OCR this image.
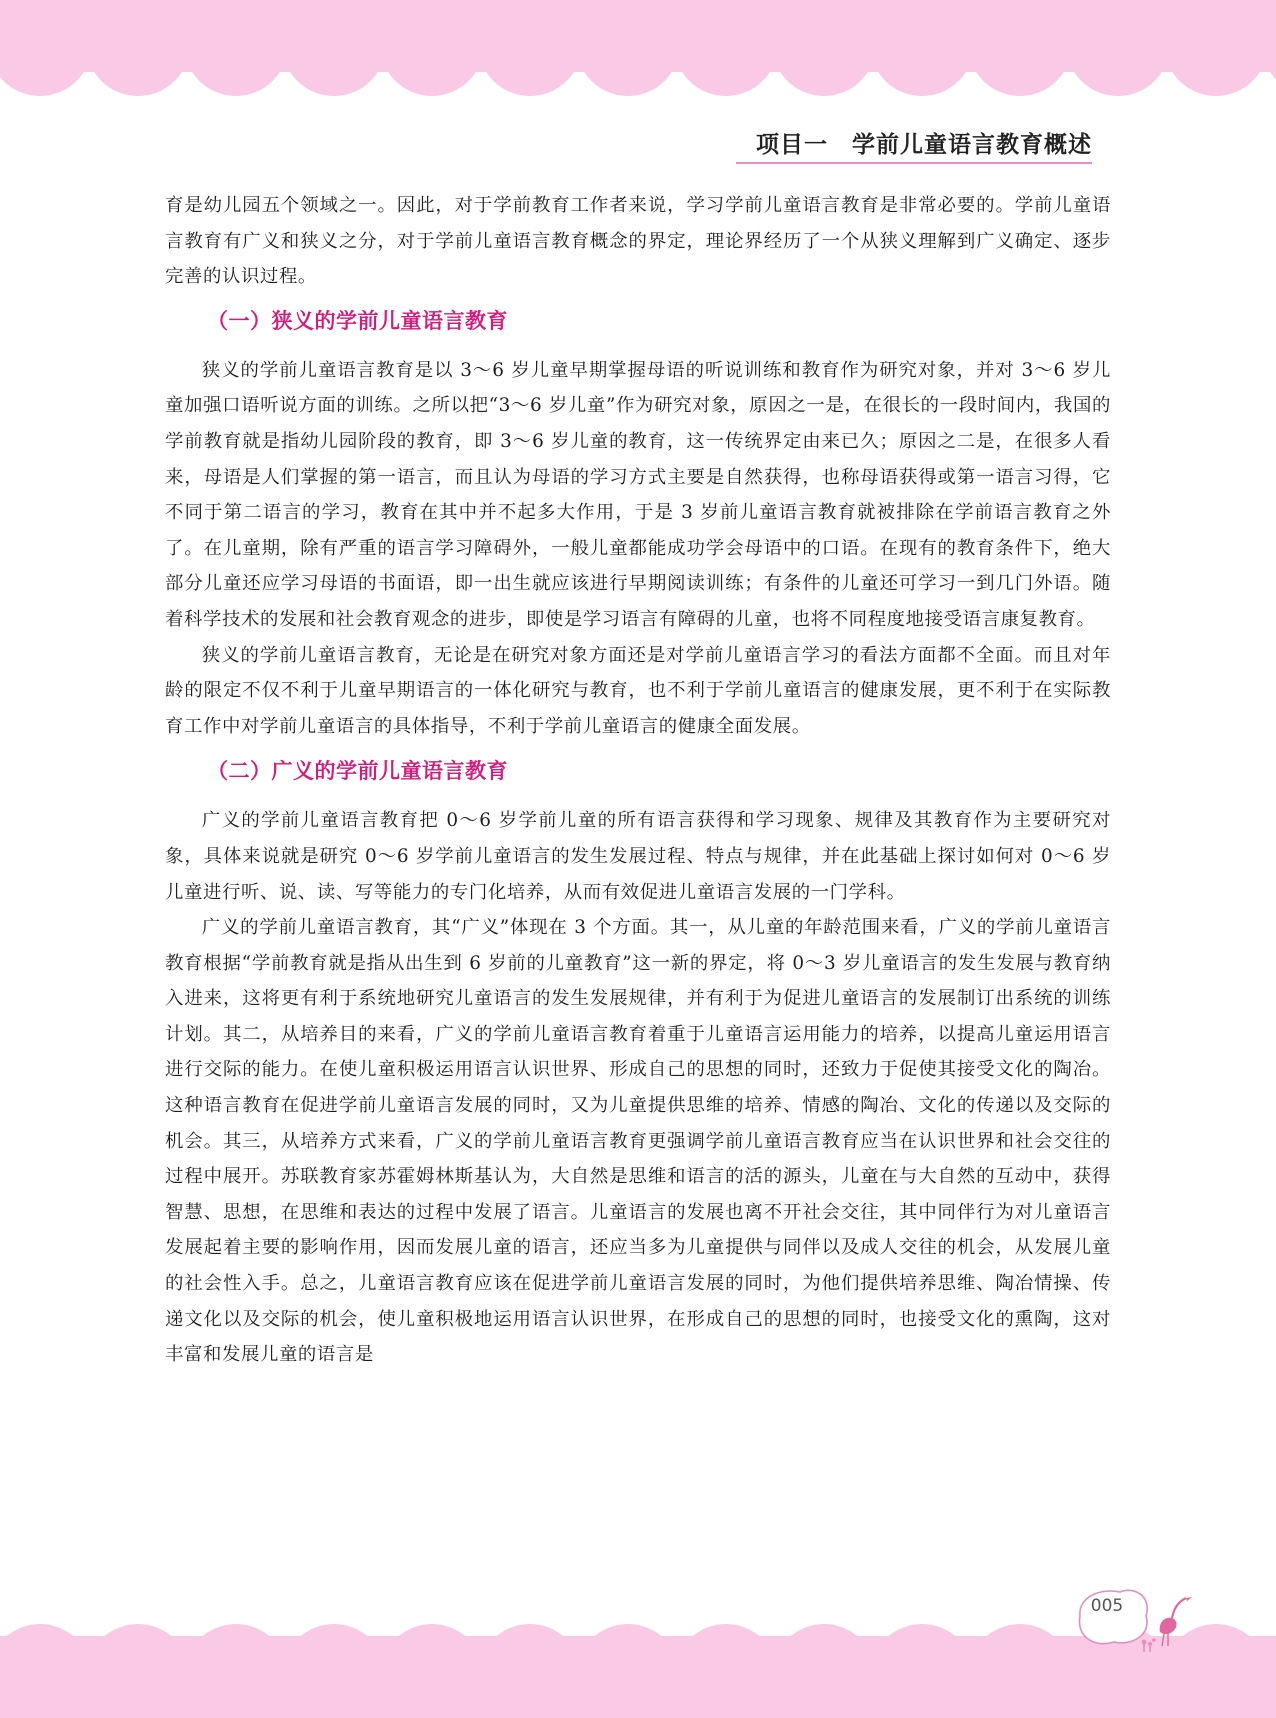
项目一　学前儿童语言教育概述

育是幼儿园五个领域之一。因此，对于学前教育工作者来说，学习学前儿童语言教育是非常必要的。学前儿童语言教育有广义和狭义之分，对于学前儿童语言教育概念的界定，理论界经历了一个从狭义理解到广义确定、逐步完善的认识过程。

（一）狭义的学前儿童语言教育

狭义的学前儿童语言教育是以 3～6 岁儿童早期掌握母语的听说训练和教育作为研究对象，并对 3～6 岁儿童加强口语听说方面的训练。之所以把“3～6 岁儿童”作为研究对象，原因之一是，在很长的一段时间内，我国的学前教育就是指幼儿园阶段的教育，即 3～6 岁儿童的教育，这一传统界定由来已久；原因之二是，在很多人看来，母语是人们掌握的第一语言，而且认为母语的学习方式主要是自然获得，也称母语获得或第一语言习得，它不同于第二语言的学习，教育在其中并不起多大作用，于是 3 岁前儿童语言教育就被排除在学前语言教育之外了。在儿童期，除有严重的语言学习障碍外，一般儿童都能成功学会母语中的口语。在现有的教育条件下，绝大部分儿童还应学习母语的书面语，即一出生就应该进行早期阅读训练；有条件的儿童还可学习一到几门外语。随着科学技术的发展和社会教育观念的进步，即使是学习语言有障碍的儿童，也将不同程度地接受语言康复教育。

狭义的学前儿童语言教育，无论是在研究对象方面还是对学前儿童语言学习的看法方面都不全面。而且对年龄的限定不仅不利于儿童早期语言的一体化研究与教育，也不利于学前儿童语言的健康发展，更不利于在实际教育工作中对学前儿童语言的具体指导，不利于学前儿童语言的健康全面发展。

（二）广义的学前儿童语言教育

广义的学前儿童语言教育把 0～6 岁学前儿童的所有语言获得和学习现象、规律及其教育作为主要研究对象，具体来说就是研究 0～6 岁学前儿童语言的发生发展过程、特点与规律，并在此基础上探讨如何对 0～6 岁儿童进行听、说、读、写等能力的专门化培养，从而有效促进儿童语言发展的一门学科。

广义的学前儿童语言教育，其“广义”体现在 3 个方面。其一，从儿童的年龄范围来看，广义的学前儿童语言教育根据“学前教育就是指从出生到 6 岁前的儿童教育”这一新的界定，将 0～3 岁儿童语言的发生发展与教育纳入进来，这将更有利于系统地研究儿童语言的发生发展规律，并有利于为促进儿童语言的发展制订出系统的训练计划。其二，从培养目的来看，广义的学前儿童语言教育着重于儿童语言运用能力的培养，以提高儿童运用语言进行交际的能力。在使儿童积极运用语言认识世界、形成自己的思想的同时，还致力于促使其接受文化的陶冶。这种语言教育在促进学前儿童语言发展的同时，又为儿童提供思维的培养、情感的陶冶、文化的传递以及交际的机会。其三，从培养方式来看，广义的学前儿童语言教育更强调学前儿童语言教育应当在认识世界和社会交往的过程中展开。苏联教育家苏霍姆林斯基认为，大自然是思维和语言的活的源头，儿童在与大自然的互动中，获得智慧、思想，在思维和表达的过程中发展了语言。儿童语言的发展也离不开社会交往，其中同伴行为对儿童语言发展起着主要的影响作用，因而发展儿童的语言，还应当多为儿童提供与同伴以及成人交往的机会，从发展儿童的社会性入手。总之，儿童语言教育应该在促进学前儿童语言发展的同时，为他们提供培养思维、陶冶情操、传递文化以及交际的机会，使儿童积极地运用语言认识世界，在形成自己的思想的同时，也接受文化的熏陶，这对丰富和发展儿童的语言是

005
